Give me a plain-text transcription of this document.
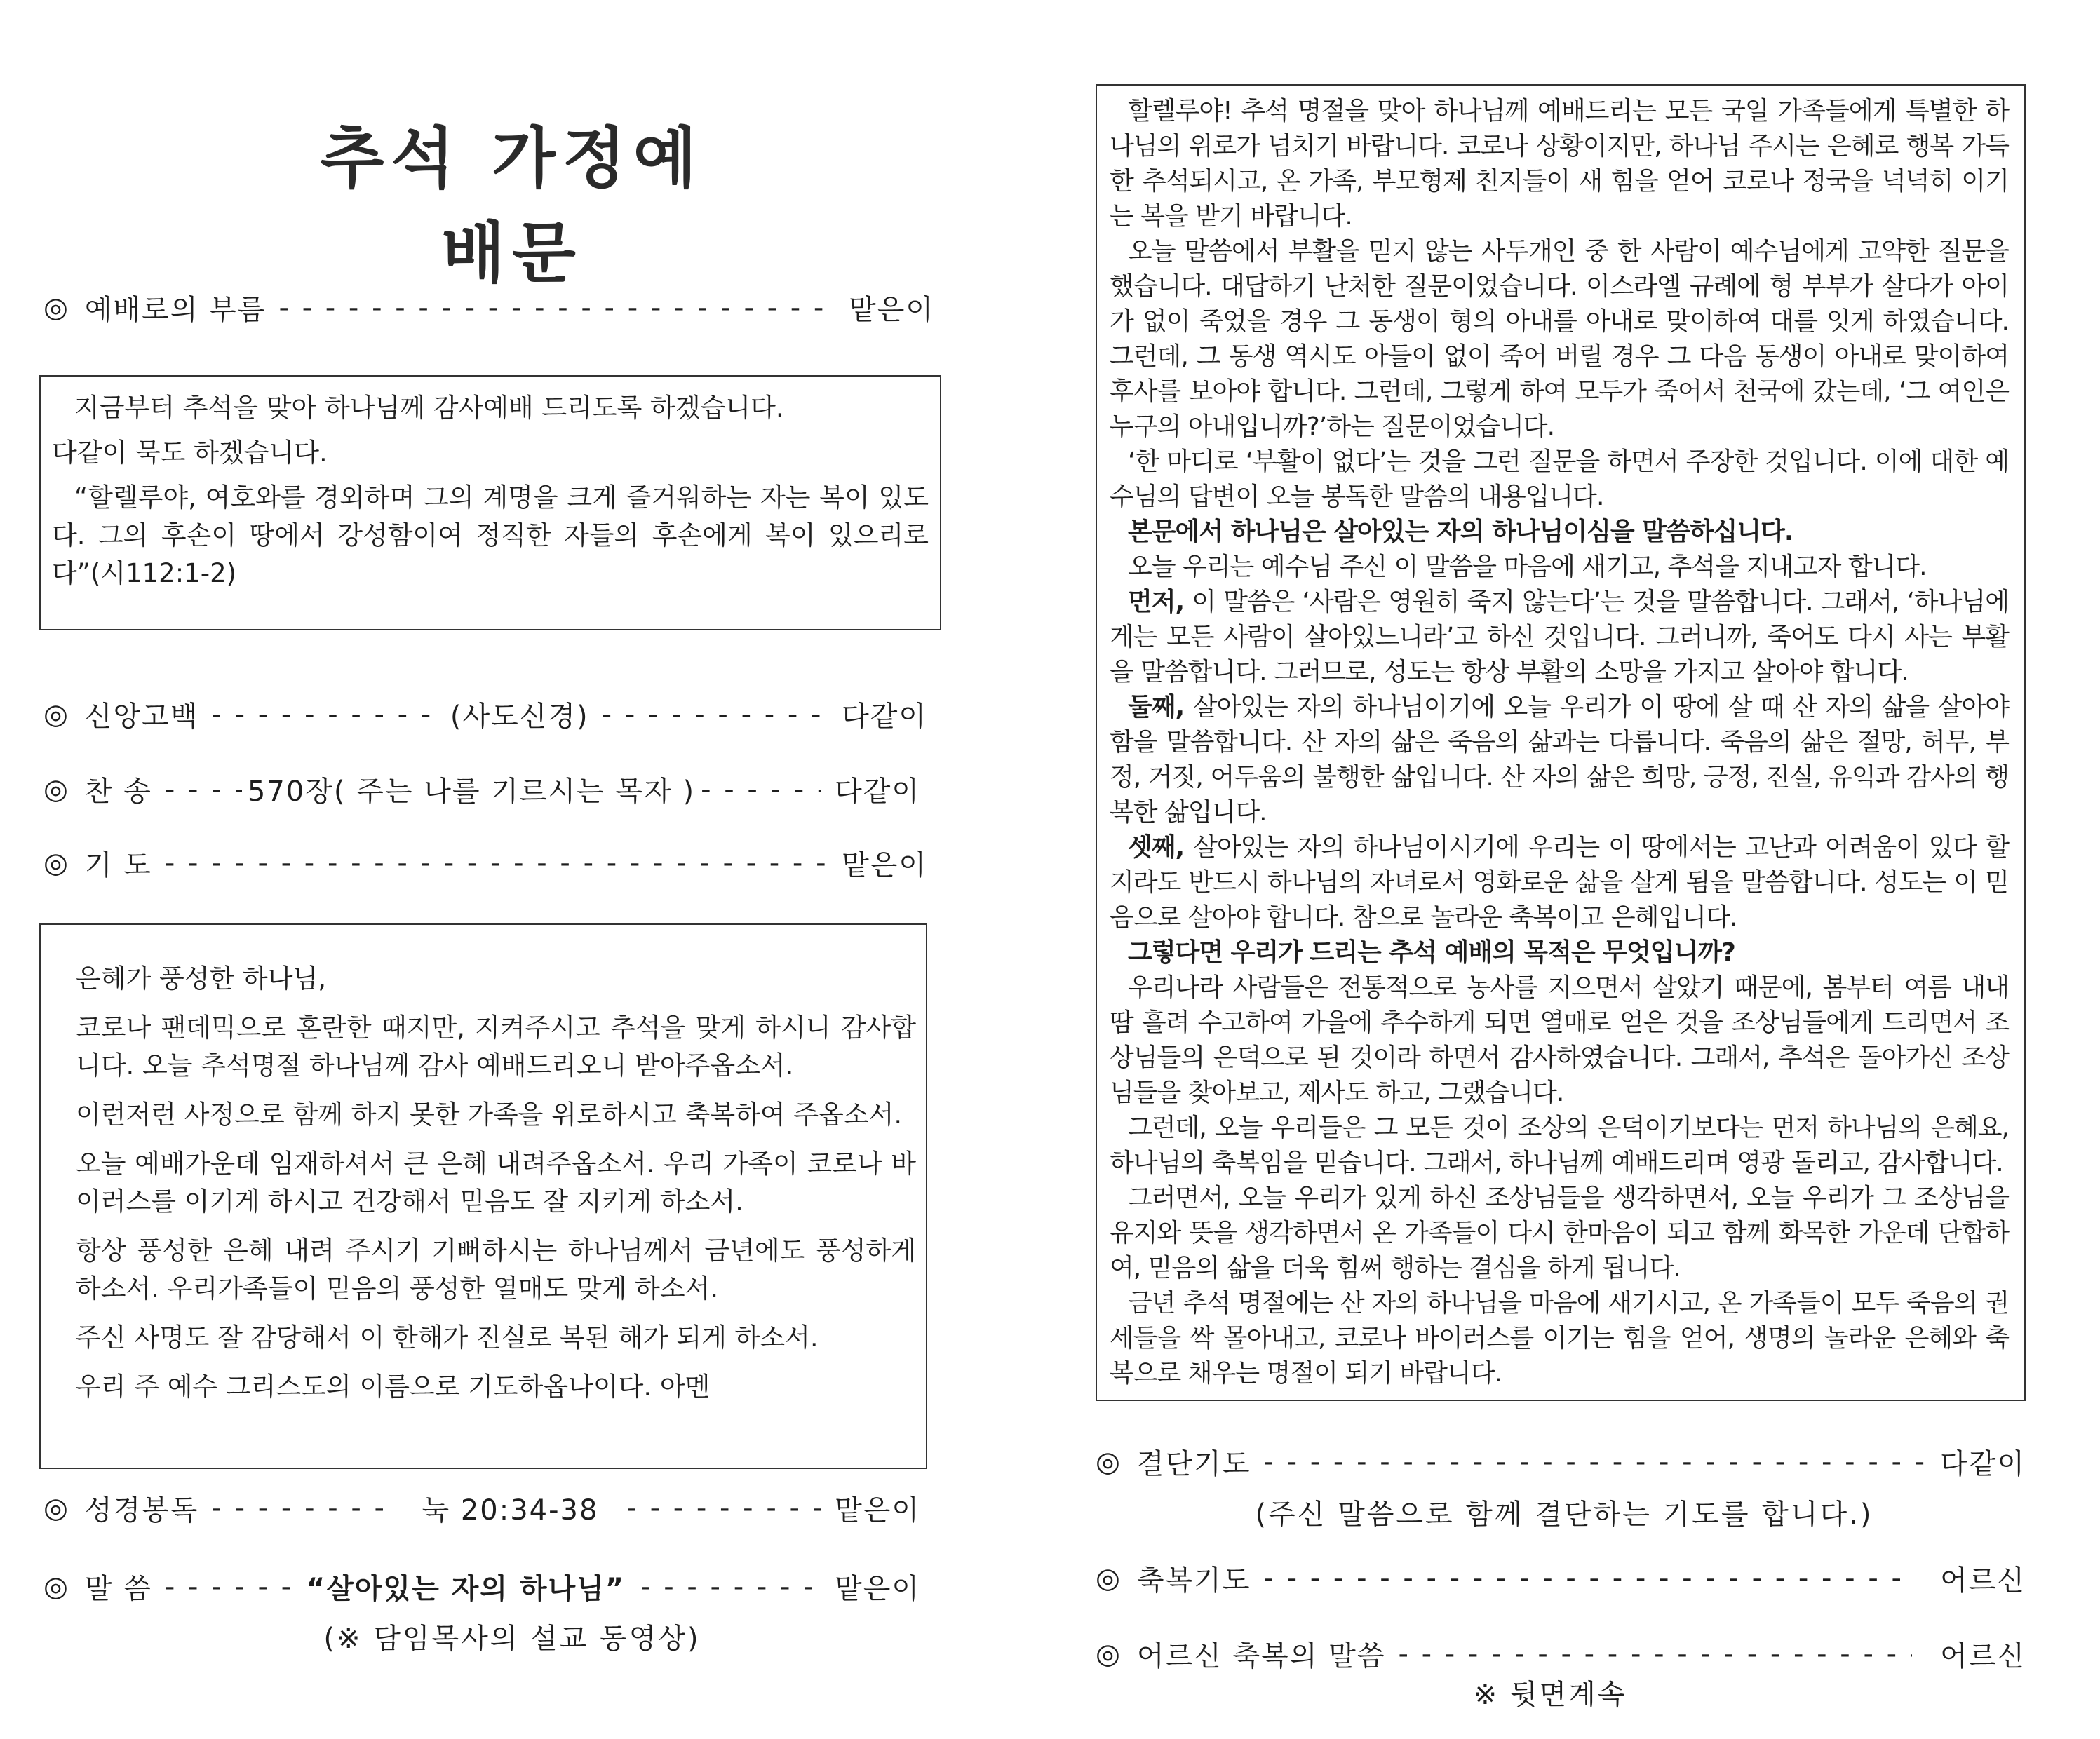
추석 가정예배문
◎ 예배로의 부름 - - -	맡은이

지금부터 추석을 맞아 하나님께 감사예배 드리도록 하겠습니다.

다같이 묵도 하겠습니다.

“할렐루야, 여호와를 경외하며 그의 계명을 크게 즐거워하는 자는 복이 있도다. 그의 후손이 땅에서 강성함이여 정직한 자들의 후손에게 복이 있으리로다”(시112:1-2)

◎ 신앙고백 - - -	(사도신경) - - -	다같이
◎ 찬 송 - - -	570장( 주는 나를 기르시는 목자 ) - - -	다같이
◎ 기 도 - - -	맡은이

은혜가 풍성한 하나님,

코로나 팬데믹으로 혼란한 때지만, 지켜주시고 추석을 맞게 하시니 감사합니다. 오늘 추석명절 하나님께 감사 예배드리오니 받아주옵소서.

이런저런 사정으로 함께 하지 못한 가족을 위로하시고 축복하여 주옵소서.

오늘 예배가운데 임재하셔서 큰 은혜 내려주옵소서. 우리 가족이 코로나 바이러스를 이기게 하시고 건강해서 믿음도 잘 지키게 하소서.

항상 풍성한 은혜 내려 주시기 기뻐하시는 하나님께서 금년에도 풍성하게 하소서. 우리가족들이 믿음의 풍성한 열매도 맞게 하소서.

주신 사명도 잘 감당해서 이 한해가 진실로 복된 해가 되게 하소서.

우리 주 예수 그리스도의 이름으로 기도하옵나이다. 아멘

◎ 성경봉독 - - -	눅 20:34-38 - - -	맡은이
◎ 말 씀 - - -	“살아있는 자의 하나님” - - -	맡은이
(※ 담임목사의 설교 동영상)

할렐루야! 추석 명절을 맞아 하나님께 예배드리는 모든 국일 가족들에게 특별한 하나님의 위로가 넘치기 바랍니다. 코로나 상황이지만, 하나님 주시는 은혜로 행복 가득한 추석되시고, 온 가족, 부모형제 친지들이 새 힘을 얻어 코로나 정국을 넉넉히 이기는 복을 받기 바랍니다.

오늘 말씀에서 부활을 믿지 않는 사두개인 중 한 사람이 예수님에게 고약한 질문을 했습니다. 대답하기 난처한 질문이었습니다. 이스라엘 규례에 형 부부가 살다가 아이가 없이 죽었을 경우 그 동생이 형의 아내를 아내로 맞이하여 대를 잇게 하였습니다. 그런데, 그 동생 역시도 아들이 없이 죽어 버릴 경우 그 다음 동생이 아내로 맞이하여 후사를 보아야 합니다. 그런데, 그렇게 하여 모두가 죽어서 천국에 갔는데, ‘그 여인은 누구의 아내입니까?’하는 질문이었습니다.

‘한 마디로 ‘부활이 없다’는 것을 그런 질문을 하면서 주장한 것입니다. 이에 대한 예수님의 답변이 오늘 봉독한 말씀의 내용입니다.

본문에서 하나님은 살아있는 자의 하나님이심을 말씀하십니다.

오늘 우리는 예수님 주신 이 말씀을 마음에 새기고, 추석을 지내고자 합니다.

먼저, 이 말씀은 ‘사람은 영원히 죽지 않는다’는 것을 말씀합니다. 그래서, ‘하나님에게는 모든 사람이 살아있느니라’고 하신 것입니다. 그러니까, 죽어도 다시 사는 부활을 말씀합니다. 그러므로, 성도는 항상 부활의 소망을 가지고 살아야 합니다.

둘째, 살아있는 자의 하나님이기에 오늘 우리가 이 땅에 살 때 산 자의 삶을 살아야 함을 말씀합니다. 산 자의 삶은 죽음의 삶과는 다릅니다. 죽음의 삶은 절망, 허무, 부정, 거짓, 어두움의 불행한 삶입니다. 산 자의 삶은 희망, 긍정, 진실, 유익과 감사의 행복한 삶입니다.

셋째, 살아있는 자의 하나님이시기에 우리는 이 땅에서는 고난과 어려움이 있다 할지라도 반드시 하나님의 자녀로서 영화로운 삶을 살게 됨을 말씀합니다. 성도는 이 믿음으로 살아야 합니다. 참으로 놀라운 축복이고 은혜입니다.

그렇다면 우리가 드리는 추석 예배의 목적은 무엇입니까?

우리나라 사람들은 전통적으로 농사를 지으면서 살았기 때문에, 봄부터 여름 내내 땀 흘려 수고하여 가을에 추수하게 되면 열매로 얻은 것을 조상님들에게 드리면서 조상님들의 은덕으로 된 것이라 하면서 감사하였습니다. 그래서, 추석은 돌아가신 조상님들을 찾아보고, 제사도 하고, 그랬습니다.

그런데, 오늘 우리들은 그 모든 것이 조상의 은덕이기보다는 먼저 하나님의 은혜요, 하나님의 축복임을 믿습니다. 그래서, 하나님께 예배드리며 영광 돌리고, 감사합니다.

그러면서, 오늘 우리가 있게 하신 조상님들을 생각하면서, 오늘 우리가 그 조상님을 유지와 뜻을 생각하면서 온 가족들이 다시 한마음이 되고 함께 화목한 가운데 단합하여, 믿음의 삶을 더욱 힘써 행하는 결심을 하게 됩니다.

금년 추석 명절에는 산 자의 하나님을 마음에 새기시고, 온 가족들이 모두 죽음의 권세들을 싹 몰아내고, 코로나 바이러스를 이기는 힘을 얻어, 생명의 놀라운 은혜와 축복으로 채우는 명절이 되기 바랍니다.

◎ 결단기도 - - -	다같이
(주신 말씀으로 함께 결단하는 기도를 합니다.)
◎ 축복기도 - - -	어르신
◎ 어르신 축복의 말씀 - - -	어르신
※ 뒷면계속
